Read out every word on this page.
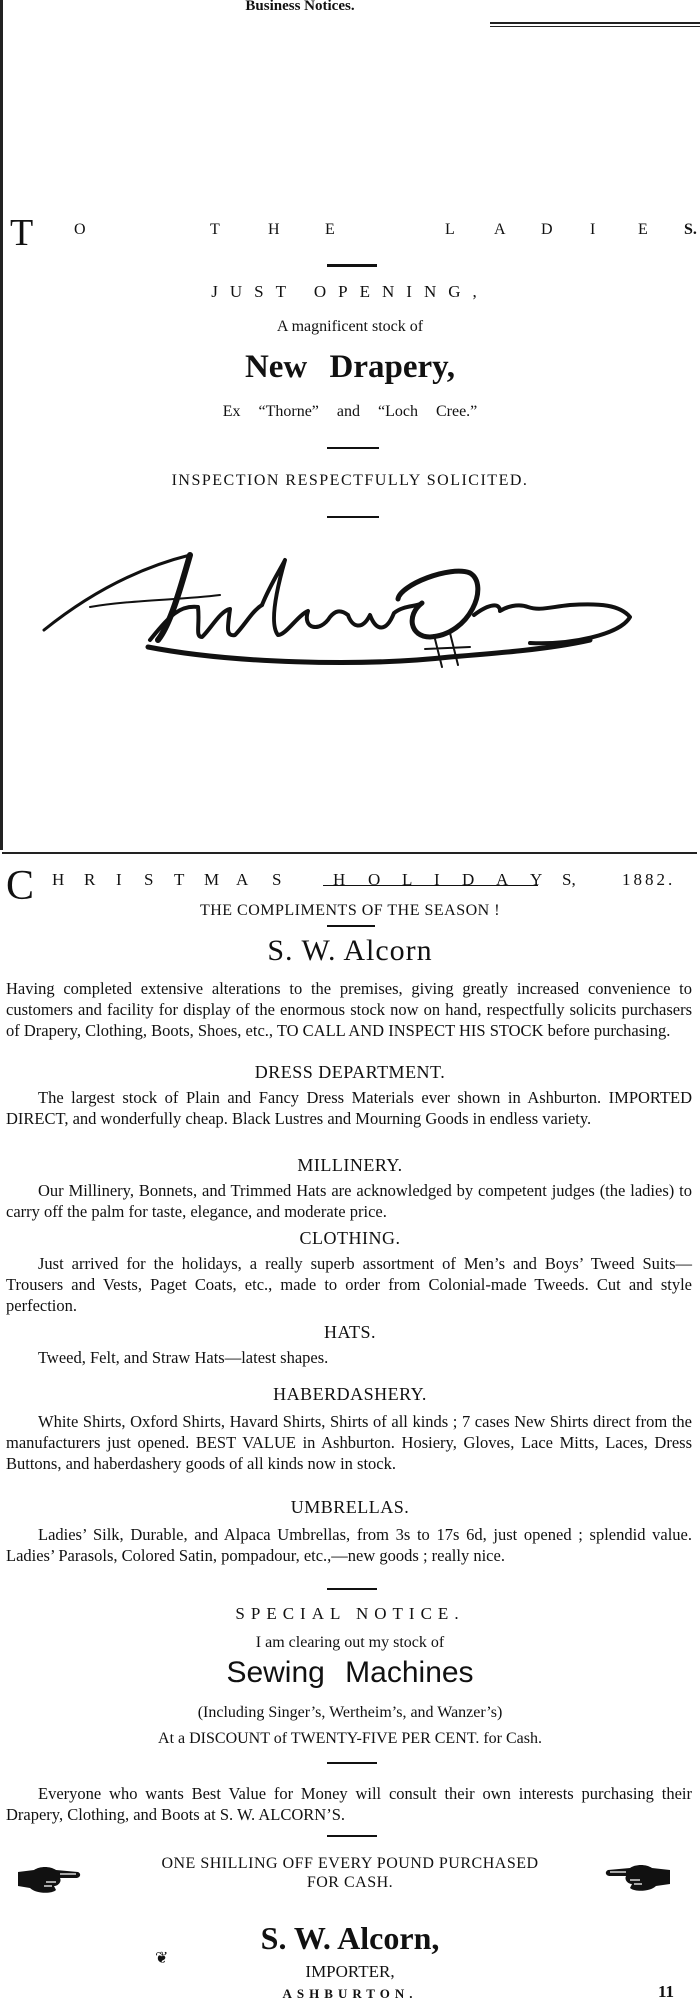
Business Notices.
T	O	T	H	E	L A D I	E S.
JUST OPENING,
A magnificent stock of
New Drapery,
Ex “Thorne” and “Loch Cree.”
INSPECTION RESPECTFULLY SOLICITED.
C H R I S T M A S	H O L I D A Y S,	1882.
THE COMPLIMENTS OF THE SEASON !
S. W. Alcorn
Having completed extensive alterations to the premises, giving greatly increased convenience to customers and facility for display of the enormous stock now on hand, respectfully solicits purchasers of Drapery, Clothing, Boots, Shoes, etc., TO CALL AND INSPECT HIS STOCK before purchasing.
DRESS DEPARTMENT.
The largest stock of Plain and Fancy Dress Materials ever shown in Ashburton. IMPORTED DIRECT, and wonderfully cheap. Black Lustres and Mourning Goods in endless variety.
MILLINERY.
Our Millinery, Bonnets, and Trimmed Hats are acknowledged by competent judges (the ladies) to carry off the palm for taste, elegance, and moderate price.
CLOTHING.
Just arrived for the holidays, a really superb assortment of Men’s and Boys’ Tweed Suits—Trousers and Vests, Paget Coats, etc., made to order from Colonial-made Tweeds. Cut and style perfection.
HATS.
Tweed, Felt, and Straw Hats—latest shapes.
HABERDASHERY.
White Shirts, Oxford Shirts, Havard Shirts, Shirts of all kinds ; 7 cases New Shirts direct from the manufacturers just opened. BEST VALUE in Ashburton. Hosiery, Gloves, Lace Mitts, Laces, Dress Buttons, and haberdashery goods of all kinds now in stock.
UMBRELLAS.
Ladies’ Silk, Durable, and Alpaca Umbrellas, from 3s to 17s 6d, just opened ; splendid value. Ladies’ Parasols, Colored Satin, pompadour, etc.,—new goods ; really nice.
SPECIAL NOTICE.
I am clearing out my stock of
Sewing Machines
(Including Singer’s, Wertheim’s, and Wanzer’s)
At a DISCOUNT of TWENTY-FIVE PER CENT. for Cash.
Everyone who wants Best Value for Money will consult their own interests purchasing their Drapery, Clothing, and Boots at S. W. ALCORN’S.
ONE SHILLING OFF EVERY POUND PURCHASED
FOR CASH.
❦
S. W. Alcorn,
IMPORTER,
ASHBURTON.	11
